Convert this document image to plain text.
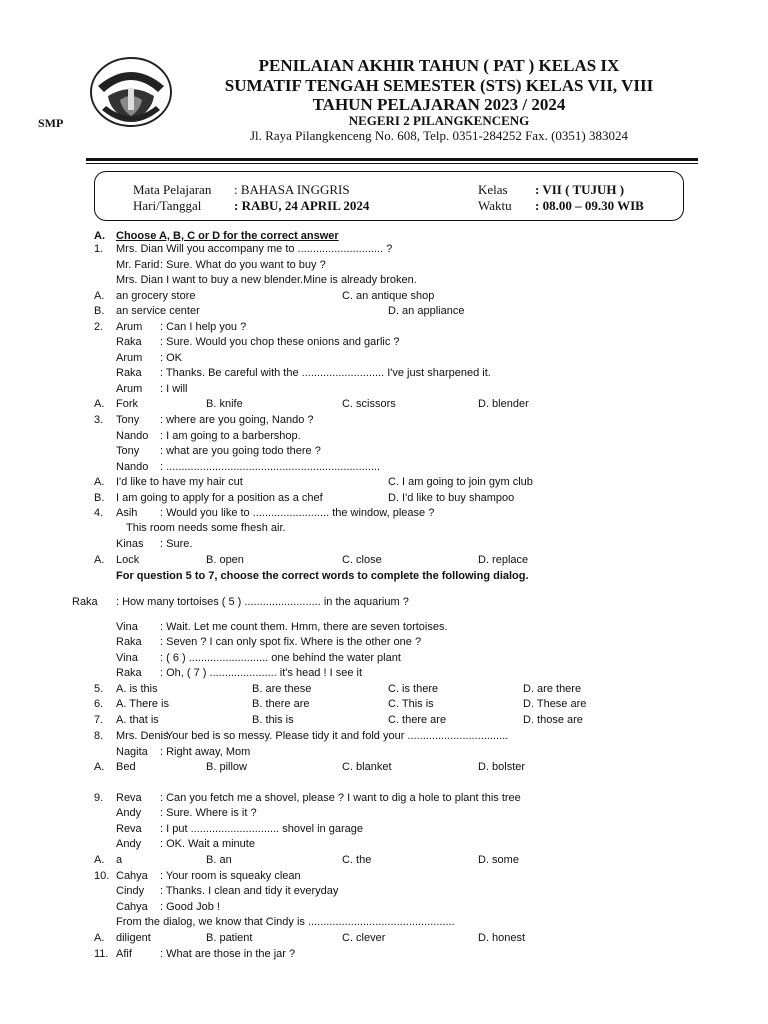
PENILAIAN AKHIR TAHUN ( PAT ) KELAS IX
SUMATIF TENGAH SEMESTER (STS) KELAS VII, VIII
TAHUN PELAJARAN 2023 / 2024
SMP	NEGERI 2 PILANGKENCENG
Jl. Raya Pilangkenceng No. 608, Telp. 0351-284252 Fax. (0351) 383024
Mata Pelajaran : BAHASA INGGRIS
Hari/Tanggal	: RABU, 24 APRIL 2024
Kelas : VII ( TUJUH )
Waktu : 08.00 – 09.30 WIB
A. Choose A, B, C or D for the correct answer
1. Mrs. Dian
: Will you accompany me to ............................ ?
Mr. Farid : Sure. What do you want to buy ?
Mrs. Dian
: I want to buy a new blender.Mine is already broken.
A. an grocery store	C. an antique shop
B. an service center	D. an appliance
2. Arum : Can I help you ?
Raka : Sure. Would you chop these onions and garlic ?
Arum : OK
Raka : Thanks. Be careful with the ........................... I've just sharpened it.
Arum : I will
A. Fork	B. knife	C. scissors	D. blender
3. Tony : where are you going, Nando ?
Nando : I am going to a barbershop.
Tony : what are you going todo there ?
Nando : ......................................................................
A. I'd like to have my hair cut	C. I am going to join gym club
B. I am going to apply for a position as a chef	D. I'd like to buy shampoo
4. Asih : Would you like to ......................... the window, please ?
This room needs some fhesh air.
Kinas : Sure.
A. Lock	B. open	C. close	D. replace
For question 5 to 7, choose the correct words to complete the following dialog.
Raka : How many tortoises ( 5 ) ......................... in the aquarium ?
Vina : Wait. Let me count them. Hmm, there are seven tortoises.
Raka : Seven ? I can only spot fix. Where is the other one ?
Vina : ( 6 ) .......................... one behind the water plant
Raka : Oh, ( 7 ) ...................... it's head ! I see it
5. A. is this	B. are these	C. is there	D. are there
6. A. There is	B. there are	C. This is	D. These are
7. A. that is	B. this is	C. there are	D. those are
8. Mrs. Denis
: Your bed is so messy. Please tidy it and fold your .................................
Nagita : Right away, Mom
A. Bed	B. pillow	C. blanket	D. bolster
9. Reva : Can you fetch me a shovel, please ? I want to dig a hole to plant this tree
Andy : Sure. Where is it ?
Reva : I put ............................. shovel in garage
Andy : OK. Wait a minute
A. a	B. an	C. the	D. some
10. Cahya : Your room is squeaky clean
Cindy : Thanks. I clean and tidy it everyday
Cahya : Good Job !
From the dialog, we know that Cindy is ................................................
A. diligent	B. patient	C. clever	D. honest
11. Afif	: What are those in the jar ?
